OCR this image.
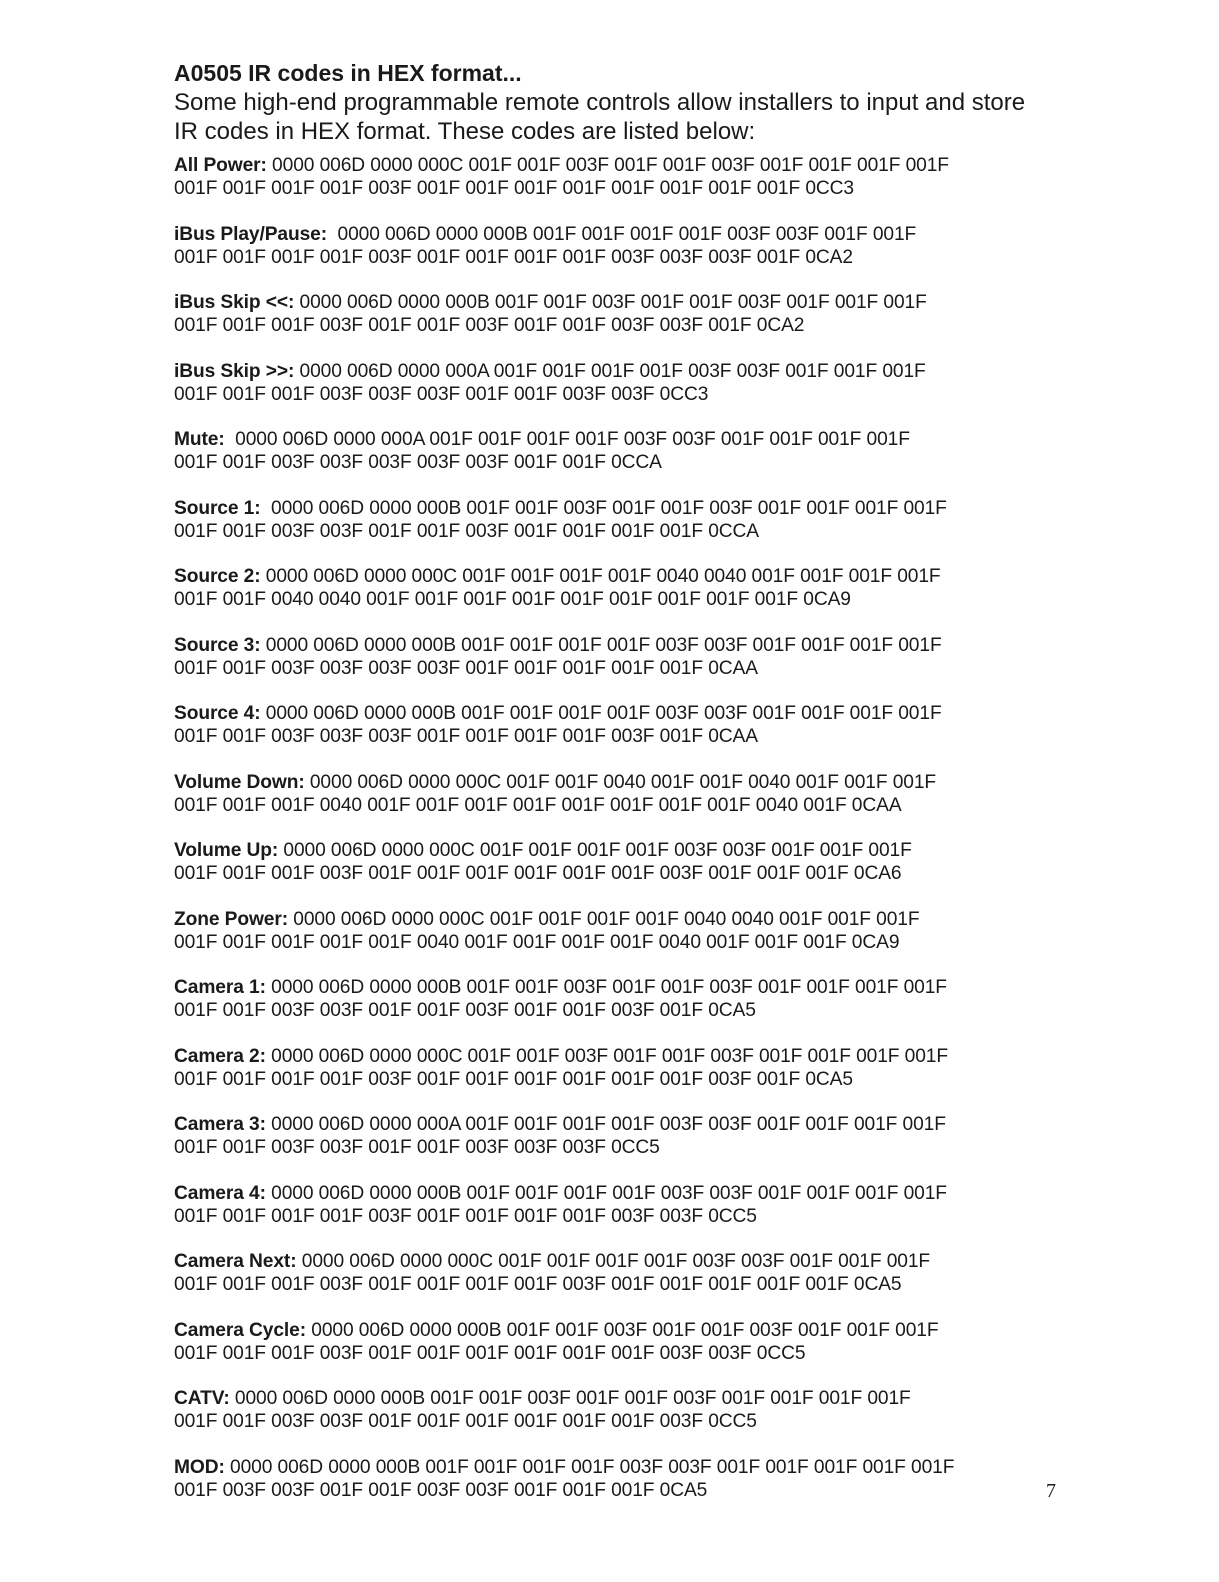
A0505 IR codes in HEX format...

Some high-end programmable remote controls allow installers to input and store IR codes in HEX format. These codes are listed below:

All Power: 0000 006D 0000 000C 001F 001F 003F 001F 001F 003F 001F 001F 001F 001F
001F 001F 001F 001F 003F 001F 001F 001F 001F 001F 001F 001F 001F 0CC3
iBus Play/Pause:  0000 006D 0000 000B 001F 001F 001F 001F 003F 003F 001F 001F
001F 001F 001F 001F 003F 001F 001F 001F 001F 003F 003F 003F 001F 0CA2
iBus Skip <<: 0000 006D 0000 000B 001F 001F 003F 001F 001F 003F 001F 001F 001F
001F 001F 001F 003F 001F 001F 003F 001F 001F 003F 003F 001F 0CA2
iBus Skip >>: 0000 006D 0000 000A 001F 001F 001F 001F 003F 003F 001F 001F 001F
001F 001F 001F 003F 003F 003F 001F 001F 003F 003F 0CC3
Mute:  0000 006D 0000 000A 001F 001F 001F 001F 003F 003F 001F 001F 001F 001F
001F 001F 003F 003F 003F 003F 003F 001F 001F 0CCA
Source 1:  0000 006D 0000 000B 001F 001F 003F 001F 001F 003F 001F 001F 001F 001F
001F 001F 003F 003F 001F 001F 003F 001F 001F 001F 001F 0CCA
Source 2: 0000 006D 0000 000C 001F 001F 001F 001F 0040 0040 001F 001F 001F 001F
001F 001F 0040 0040 001F 001F 001F 001F 001F 001F 001F 001F 001F 0CA9
Source 3: 0000 006D 0000 000B 001F 001F 001F 001F 003F 003F 001F 001F 001F 001F
001F 001F 003F 003F 003F 003F 001F 001F 001F 001F 001F 0CAA
Source 4: 0000 006D 0000 000B 001F 001F 001F 001F 003F 003F 001F 001F 001F 001F
001F 001F 003F 003F 003F 001F 001F 001F 001F 003F 001F 0CAA
Volume Down: 0000 006D 0000 000C 001F 001F 0040 001F 001F 0040 001F 001F 001F
001F 001F 001F 0040 001F 001F 001F 001F 001F 001F 001F 001F 0040 001F 0CAA
Volume Up: 0000 006D 0000 000C 001F 001F 001F 001F 003F 003F 001F 001F 001F
001F 001F 001F 003F 001F 001F 001F 001F 001F 001F 003F 001F 001F 001F 0CA6
Zone Power: 0000 006D 0000 000C 001F 001F 001F 001F 0040 0040 001F 001F 001F
001F 001F 001F 001F 001F 0040 001F 001F 001F 001F 0040 001F 001F 001F 0CA9
Camera 1: 0000 006D 0000 000B 001F 001F 003F 001F 001F 003F 001F 001F 001F 001F
001F 001F 003F 003F 001F 001F 003F 001F 001F 003F 001F 0CA5
Camera 2: 0000 006D 0000 000C 001F 001F 003F 001F 001F 003F 001F 001F 001F 001F
001F 001F 001F 001F 003F 001F 001F 001F 001F 001F 001F 003F 001F 0CA5
Camera 3: 0000 006D 0000 000A 001F 001F 001F 001F 003F 003F 001F 001F 001F 001F
001F 001F 003F 003F 001F 001F 003F 003F 003F 0CC5
Camera 4: 0000 006D 0000 000B 001F 001F 001F 001F 003F 003F 001F 001F 001F 001F
001F 001F 001F 001F 003F 001F 001F 001F 001F 003F 003F 0CC5
Camera Next: 0000 006D 0000 000C 001F 001F 001F 001F 003F 003F 001F 001F 001F
001F 001F 001F 003F 001F 001F 001F 001F 003F 001F 001F 001F 001F 001F 0CA5
Camera Cycle: 0000 006D 0000 000B 001F 001F 003F 001F 001F 003F 001F 001F 001F
001F 001F 001F 003F 001F 001F 001F 001F 001F 001F 003F 003F 0CC5
CATV: 0000 006D 0000 000B 001F 001F 003F 001F 001F 003F 001F 001F 001F 001F
001F 001F 003F 003F 001F 001F 001F 001F 001F 001F 003F 0CC5
MOD: 0000 006D 0000 000B 001F 001F 001F 001F 003F 003F 001F 001F 001F 001F 001F
001F 003F 003F 001F 001F 003F 003F 001F 001F 001F 0CA5	7
